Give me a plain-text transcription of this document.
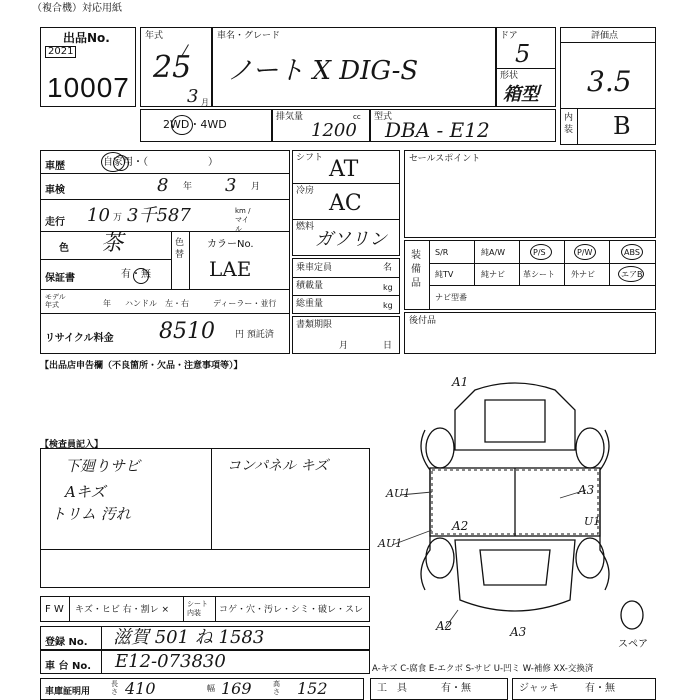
（複合機）対応用紙
出品No.
2021
10007
年式
25
3 月
車名・グレード
ノート X DIG-S
ドア
5
形状
箱型
評価点
3.5
内装 B
2WD・4WD
排気量	cc
1200
型式
DBA - E12
車歴	自家用・（　　　　　　）
車検	8 年 3 月
走行 10 万 3千587	km / マイル
色 茶	色替
カラーNo.
LAE
保証書	有・無
モデル年式	年 ハンドル　左・右	ディーラー・並行
リサイクル料金 8510 円 預託済
シフト AT
冷房 AC
燃料
ガソリン
乗車定員	名
積載量	kg
総重量	kg
書類期限
月	日
セールスポイント
装備品
S/R	純A/W	P/S	P/W	ABS
純TV	純ナビ 革シート 外ナビ	エアB
ナビ型番
後付品
【出品店申告欄（不良箇所・欠品・注意事項等）】
【検査員記入】
下廻りサビ
Aキズ
トリム 汚れ
コンパネル キズ
A1
AU1
AU1
A2
A3
U1
A2	A3
スペア
F W キズ・ヒビ 右・割レ ×
シート内装	コゲ・穴・汚レ・シミ・破レ・スレ
登録 No. 滋賀 501 ね 1583
車 台 No. E12-073830	A-キズ C-腐食 E-エクボ S-サビ U-凹ミ W-補修 XX-交換済
車庫証明用
長さ 410	幅 169	高さ 152	工　具	有・無	ジャッキ	有・無
